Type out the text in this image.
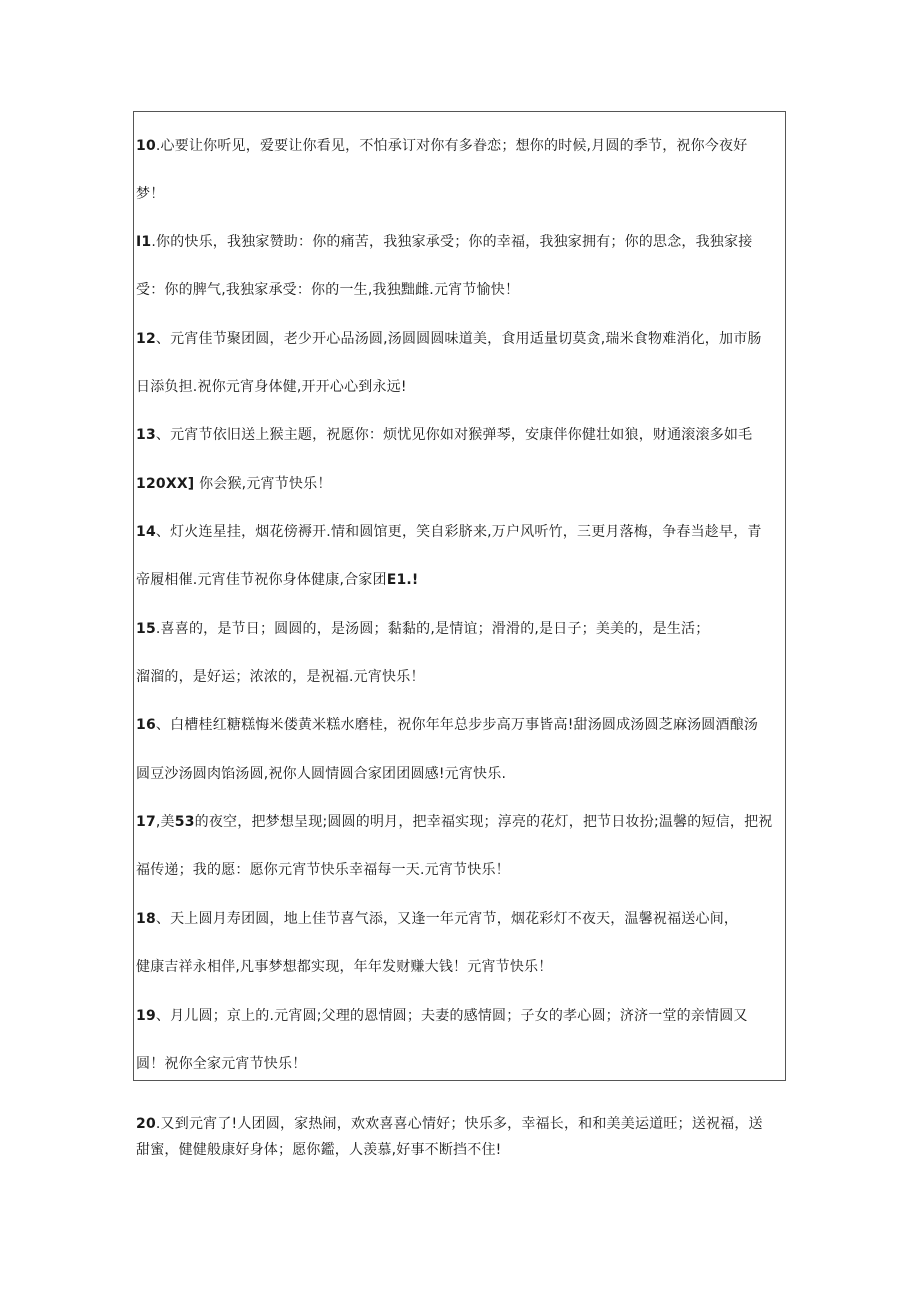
10.心要让你听见，爱要让你看见，不怕承订对你有多眷恋；想你的时候,月圆的季节，祝你今夜好
梦！
I1.你的快乐，我独家赞助：你的痛苦，我独家承受；你的幸福，我独家拥有；你的思念，我独家接
受：你的脾气,我独家承受：你的一生,我独黜雌.元宵节愉快！
12、元宵佳节聚团圆，老少开心品汤圆,汤圆圆圆味道美，食用适量切莫贪,瑞米食物难消化，加市肠
日添负担.祝你元宵身体健,开开心心到永远!
13、元宵节依旧送上猴主题，祝愿你：烦忧见你如对猴弹琴，安康伴你健壮如狼，财通滚滚多如毛
120XX] 你会猴,元宵节快乐！
14、灯火连星挂，烟花傍褥开.情和圆馆更，笑自彩脐来,万户风听竹，三更月落梅，争春当趁早，青
帝履相催.元宵佳节祝你身体健康,合家团E1.!
15.喜喜的，是节日；圆圆的，是汤圆；黏黏的,是情谊；滑滑的,是日子；美美的，是生活；
溜溜的，是好运；浓浓的，是祝福.元宵快乐！
16、白槽桂红糖糕悔米偻黄米糕水磨桂，祝你年年总步步高万事皆高!甜汤圆成汤圆芝麻汤圆酒酿汤
圆豆沙汤圆肉馅汤圆,祝你人圆情圆合家团团圆感!元宵快乐.
17,美53的夜空，把梦想呈现;圆圆的明月，把幸福实现；淳亮的花灯，把节日妆扮;温馨的短信，把祝
福传递；我的愿：愿你元宵节快乐幸福每一天.元宵节快乐！
18、天上圆月寿团圆，地上佳节喜气添，又逢一年元宵节，烟花彩灯不夜天，温馨祝福送心间，
健康吉祥永相伴,凡事梦想都实现，年年发财赚大钱！元宵节快乐！
19、月儿圆；京上的.元宵圆;父理的恩情圆；夫妻的感情圆；子女的孝心圆；济济一堂的亲情圆又
圆！祝你全家元宵节快乐！
20.又到元宵了!人团圆，家热闹，欢欢喜喜心情好；快乐多，幸福长，和和美美运道旺；送祝福，送
甜蜜，健健般康好身体；愿你鑑，人羡慕,好事不断挡不住!
